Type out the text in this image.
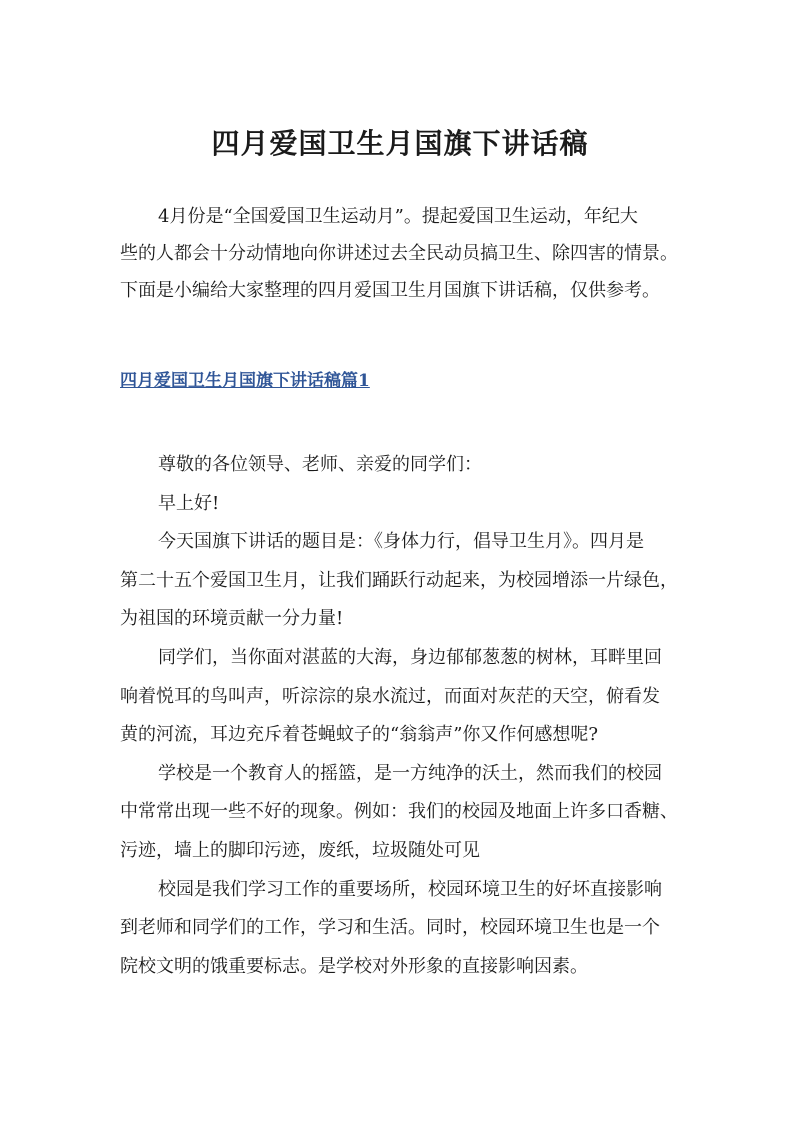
四月爱国卫生月国旗下讲话稿

4月份是“全国爱国卫生运动月”。提起爱国卫生运动，年纪大
些的人都会十分动情地向你讲述过去全民动员搞卫生、除四害的情景。
下面是小编给大家整理的四月爱国卫生月国旗下讲话稿，仅供参考。

四月爱国卫生月国旗下讲话稿篇1
尊敬的各位领导、老师、亲爱的同学们：
早上好!
今天国旗下讲话的题目是：《身体力行，倡导卫生月》。四月是
第二十五个爱国卫生月，让我们踊跃行动起来，为校园增添一片绿色，
为祖国的环境贡献一分力量!
同学们，当你面对湛蓝的大海，身边郁郁葱葱的树林，耳畔里回
响着悦耳的鸟叫声，听淙淙的泉水流过，而面对灰茫的天空，俯看发
黄的河流，耳边充斥着苍蝇蚊子的“翁翁声”你又作何感想呢?
学校是一个教育人的摇篮，是一方纯净的沃土，然而我们的校园
中常常出现一些不好的现象。例如：我们的校园及地面上许多口香糖、
污迹，墙上的脚印污迹，废纸，垃圾随处可见
校园是我们学习工作的重要场所，校园环境卫生的好坏直接影响
到老师和同学们的工作，学习和生活。同时，校园环境卫生也是一个
院校文明的饿重要标志。是学校对外形象的直接影响因素。
